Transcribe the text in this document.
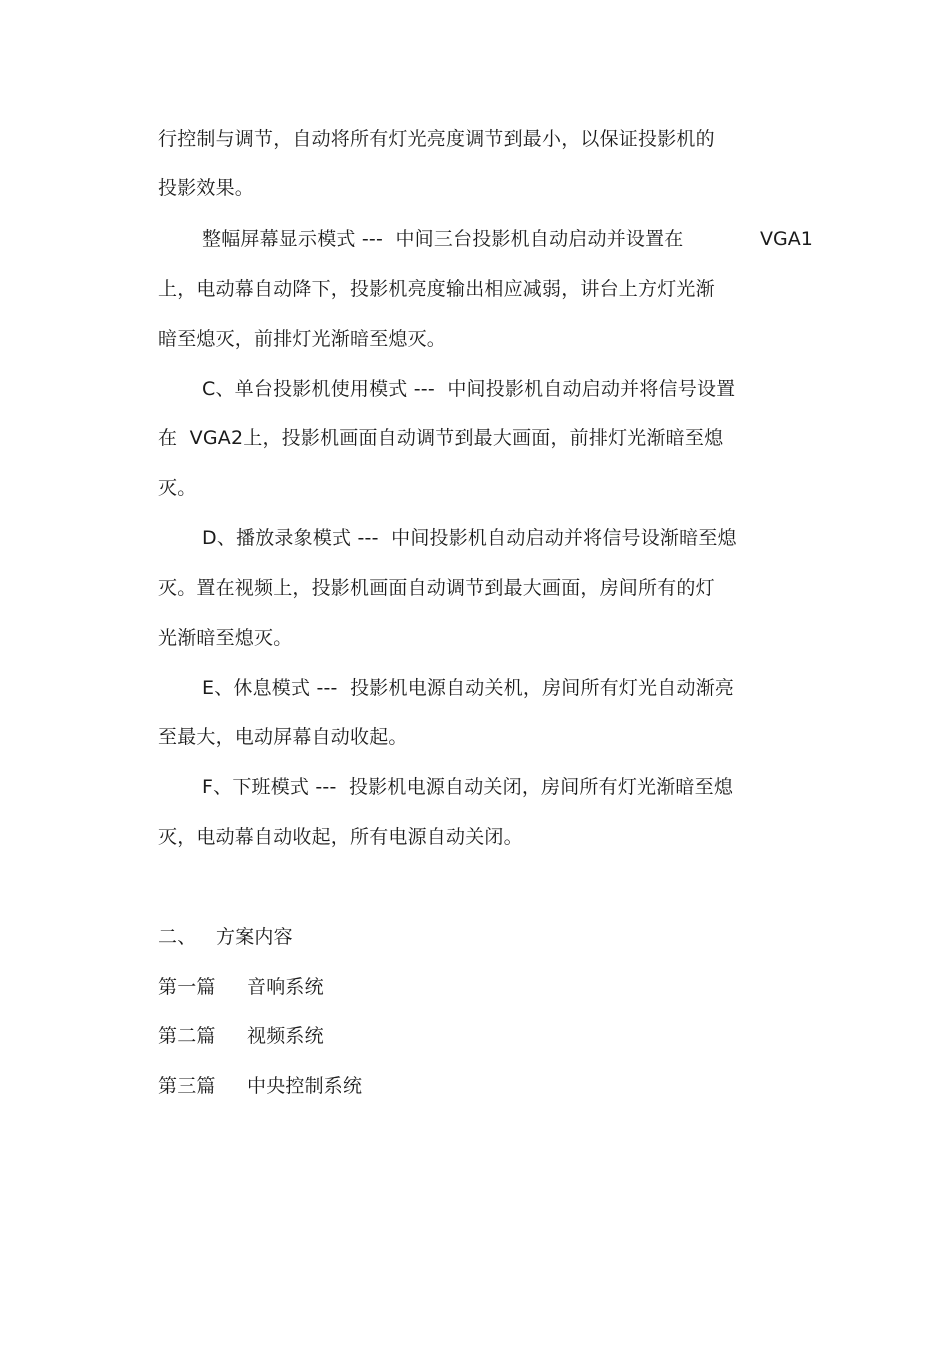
行控制与调节，自动将所有灯光亮度调节到最小，以保证投影机的
投影效果。
整幅屏幕显示模式 ---  中间三台投影机自动启动并设置在	VGA1
上，电动幕自动降下，投影机亮度输出相应减弱，讲台上方灯光渐
暗至熄灭，前排灯光渐暗至熄灭。
C、单台投影机使用模式 ---  中间投影机自动启动并将信号设置
在  VGA2上，投影机画面自动调节到最大画面，前排灯光渐暗至熄
灭。
D、播放录象模式 ---  中间投影机自动启动并将信号设渐暗至熄
灭。置在视频上，投影机画面自动调节到最大画面，房间所有的灯
光渐暗至熄灭。
E、休息模式 ---  投影机电源自动关机，房间所有灯光自动渐亮
至最大，电动屏幕自动收起。
F、下班模式 ---  投影机电源自动关闭，房间所有灯光渐暗至熄
灭，电动幕自动收起，所有电源自动关闭。
二、 方案内容
第一篇 音响系统
第二篇 视频系统
第三篇 中央控制系统
